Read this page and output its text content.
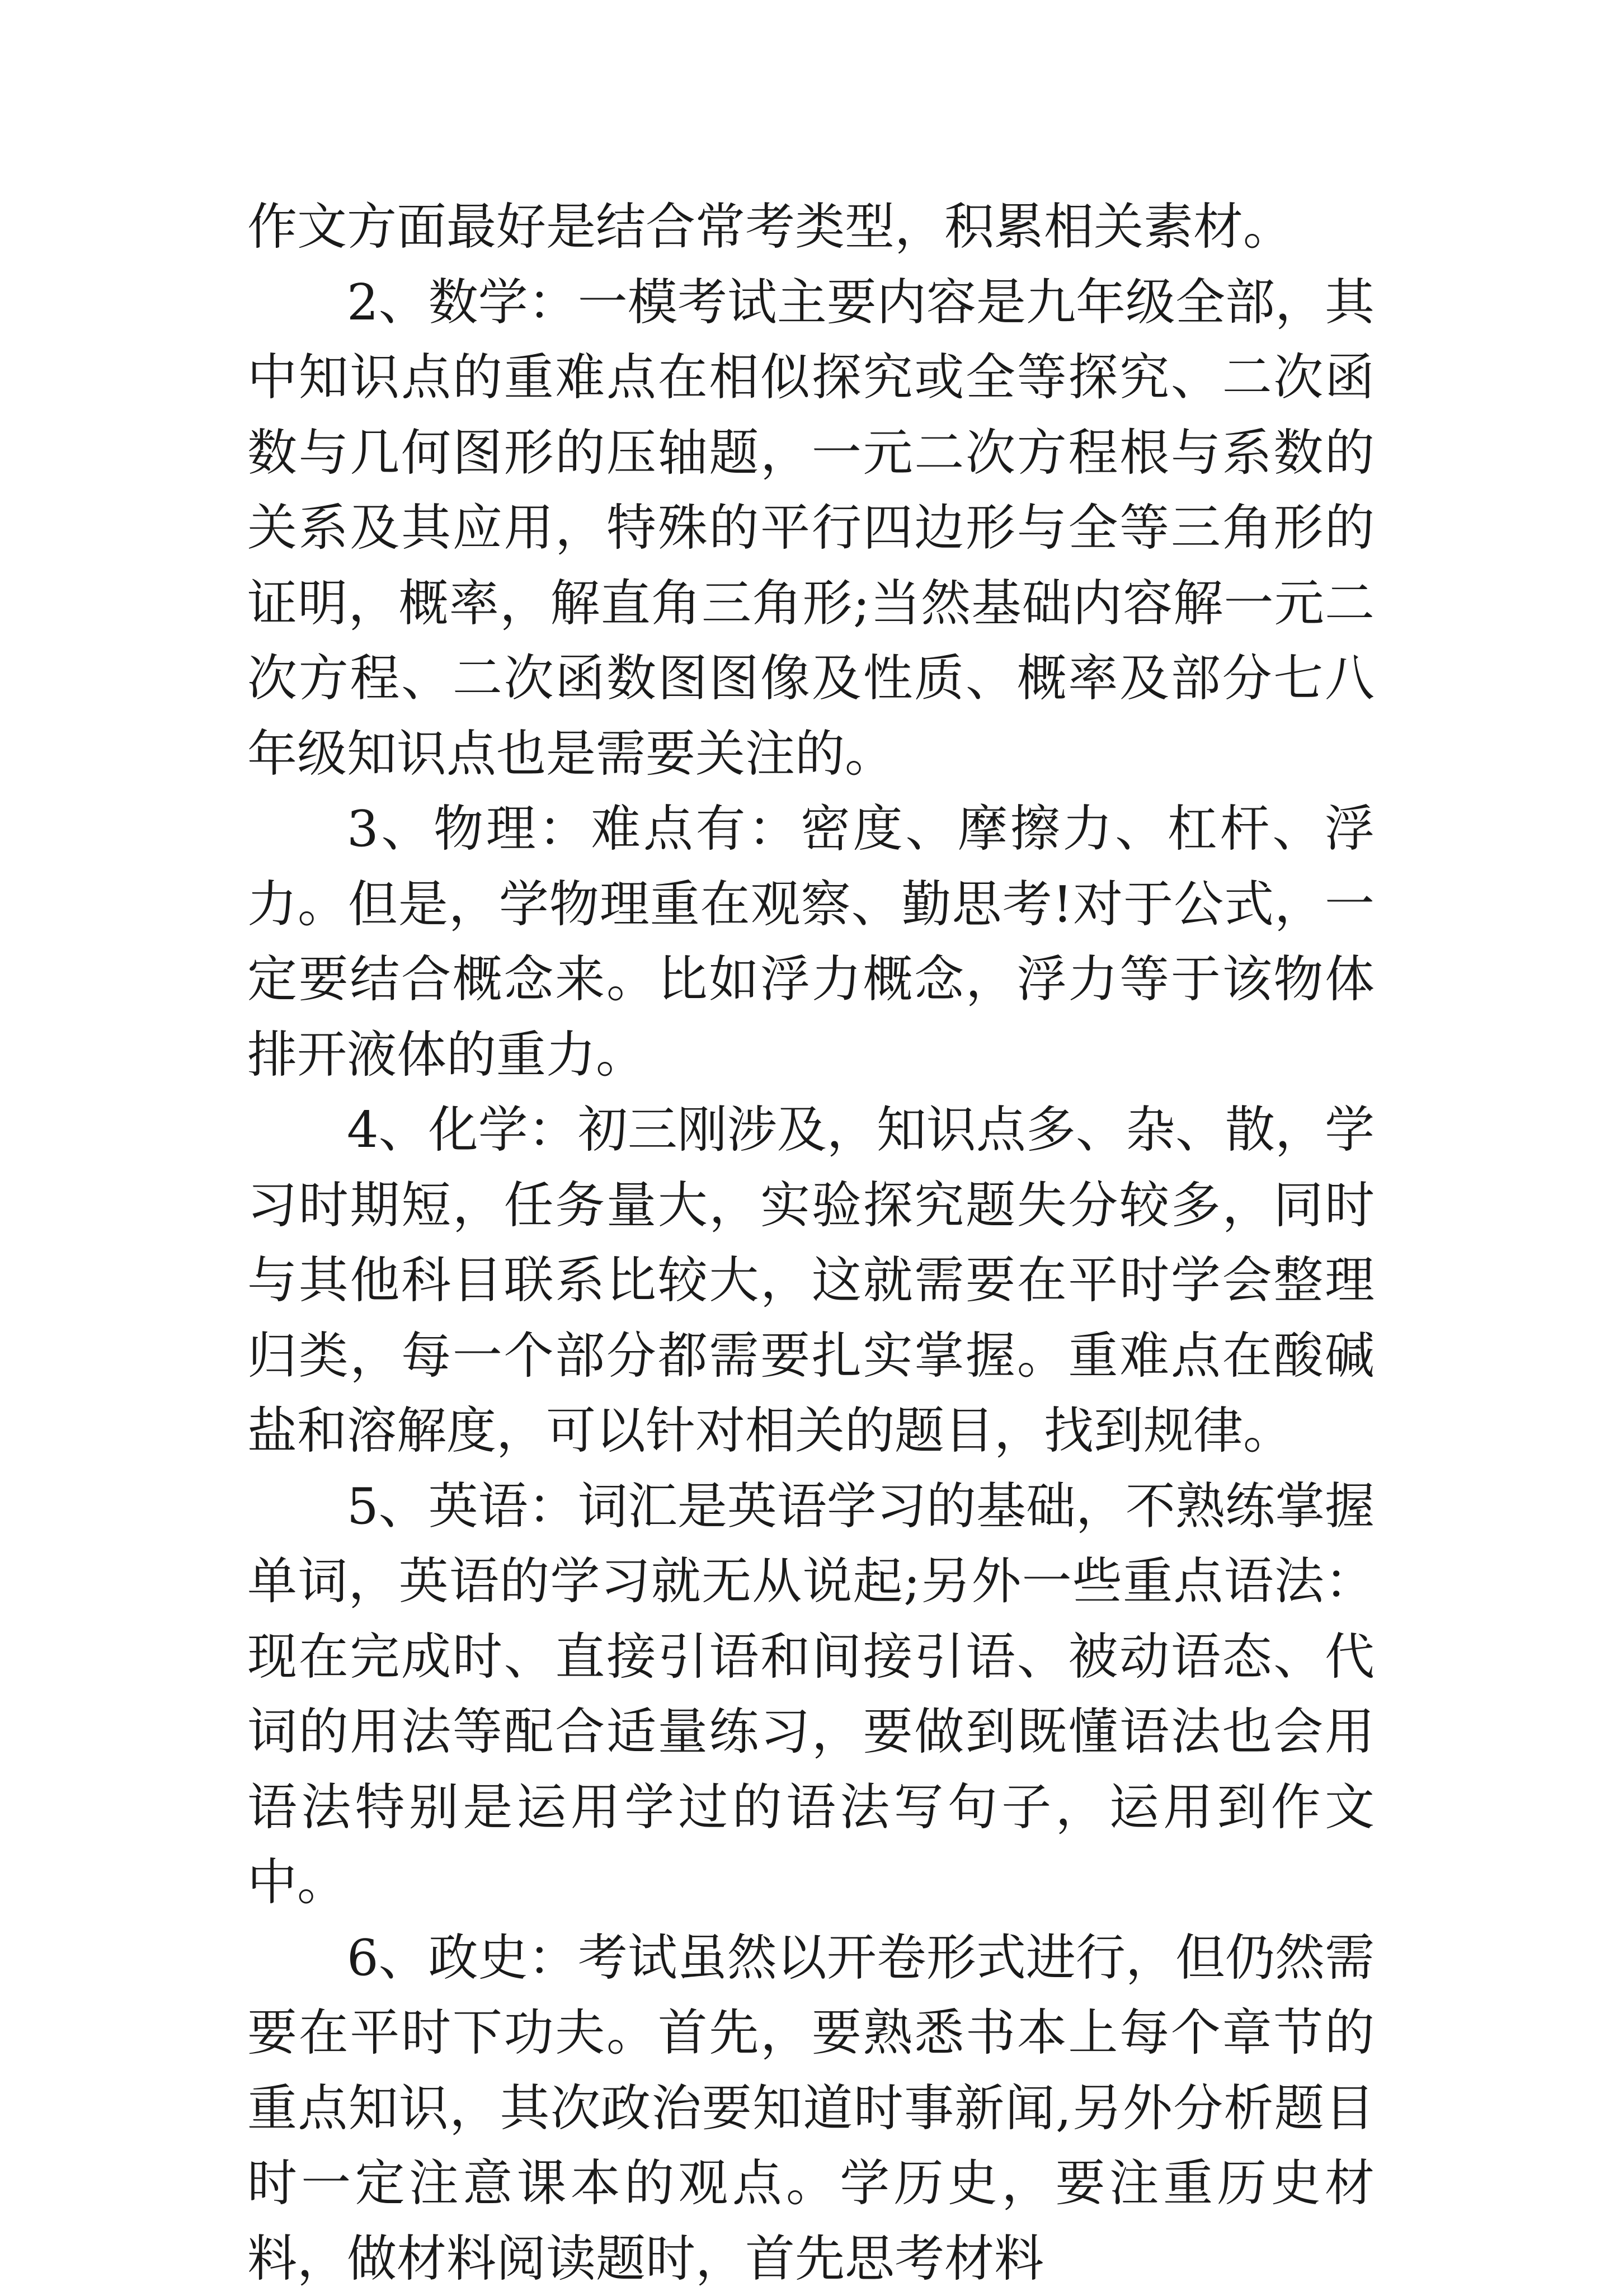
作文方面最好是结合常考类型，积累相关素材。

2、数学：一模考试主要内容是九年级全部，其中知识点的重难点在相似探究或全等探究、二次函数与几何图形的压轴题，一元二次方程根与系数的关系及其应用，特殊的平行四边形与全等三角形的证明，概率，解直角三角形;当然基础内容解一元二次方程、二次函数图图像及性质、概率及部分七八年级知识点也是需要关注的。

3、物理：难点有：密度、摩擦力、杠杆、浮力。但是，学物理重在观察、勤思考!对于公式，一定要结合概念来。比如浮力概念，浮力等于该物体排开液体的重力。

4、化学：初三刚涉及，知识点多、杂、散，学习时期短，任务量大，实验探究题失分较多，同时与其他科目联系比较大，这就需要在平时学会整理归类，每一个部分都需要扎实掌握。重难点在酸碱盐和溶解度，可以针对相关的题目，找到规律。

5、英语：词汇是英语学习的基础，不熟练掌握单词，英语的学习就无从说起;另外一些重点语法：现在完成时、直接引语和间接引语、被动语态、代词的用法等配合适量练习，要做到既懂语法也会用语法特别是运用学过的语法写句子，运用到作文中。

6、政史：考试虽然以开卷形式进行，但仍然需要在平时下功夫。首先，要熟悉书本上每个章节的重点知识，其次政治要知道时事新闻,另外分析题目时一定注意课本的观点。学历史，要注重历史材料，做材料阅读题时，首先思考材料
